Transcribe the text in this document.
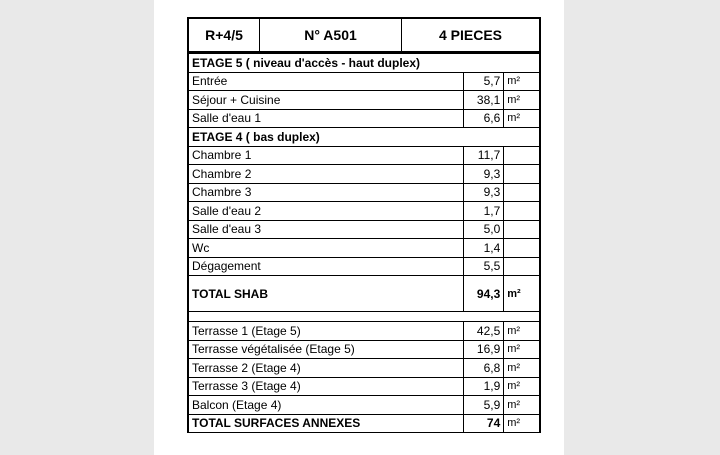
R+4/5	N° A501	4 PIECES
ETAGE 5 ( niveau d'accès - haut duplex)		
Entrée	5,7	m²
Séjour + Cuisine	38,1	m²
Salle d'eau 1	6,6	m²
ETAGE 4 ( bas duplex)		
Chambre 1	11,7	
Chambre 2	9,3	
Chambre 3	9,3	
Salle d'eau 2	1,7	
Salle d'eau 3	5,0	
Wc	1,4	
Dégagement	5,5	
TOTAL SHAB	94,3	m²

Terrasse 1 (Etage 5)	42,5	m²
Terrasse végétalisée (Etage 5)	16,9	m²
Terrasse 2 (Etage 4)	6,8	m²
Terrasse 3 (Etage 4)	1,9	m²
Balcon (Etage 4)	5,9	m²
TOTAL SURFACES ANNEXES	74	m²
